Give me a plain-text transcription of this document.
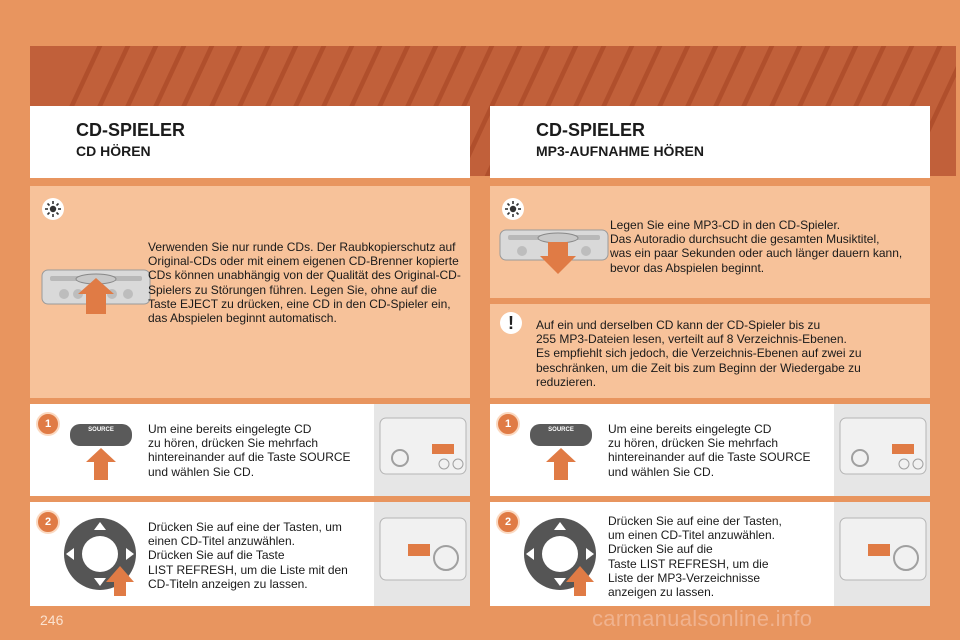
CD-SPIELER
CD HÖREN
CD-SPIELER
MP3-AUFNAHME HÖREN
Verwenden Sie nur runde CDs. Der Raubkopierschutz auf Original-CDs oder mit einem eigenen CD-Brenner kopierte CDs können unabhängig von der Qualität des Original-CD-Spielers zu Störungen führen. Legen Sie, ohne auf die Taste EJECT zu drücken, eine CD in den CD-Spieler ein, das Abspielen beginnt automatisch.
Legen Sie eine MP3-CD in den CD-Spieler.
Das Autoradio durchsucht die gesamten Musiktitel,
was ein paar Sekunden oder auch länger dauern kann,
bevor das Abspielen beginnt.
!	Auf ein und derselben CD kann der CD-Spieler bis zu
255 MP3-Dateien lesen, verteilt auf 8 Verzeichnis-Ebenen.
Es empfiehlt sich jedoch, die Verzeichnis-Ebenen auf zwei zu
beschränken, um die Zeit bis zum Beginn der Wiedergabe zu
reduzieren.
1	SOURCE	Um eine bereits eingelegte CD
zu hören, drücken Sie mehrfach
hintereinander auf die Taste SOURCE
und wählen Sie CD.
1	SOURCE	Um eine bereits eingelegte CD
zu hören, drücken Sie mehrfach
hintereinander auf die Taste SOURCE
und wählen Sie CD.
2	Drücken Sie auf eine der Tasten, um
einen CD-Titel anzuwählen.
Drücken Sie auf die Taste
LIST REFRESH, um die Liste mit den
CD-Titeln anzeigen zu lassen.
2	Drücken Sie auf eine der Tasten,
um einen CD-Titel anzuwählen.
Drücken Sie auf die
Taste LIST REFRESH, um die
Liste der MP3-Verzeichnisse
anzeigen zu lassen.
246	carmanualsonline.info
